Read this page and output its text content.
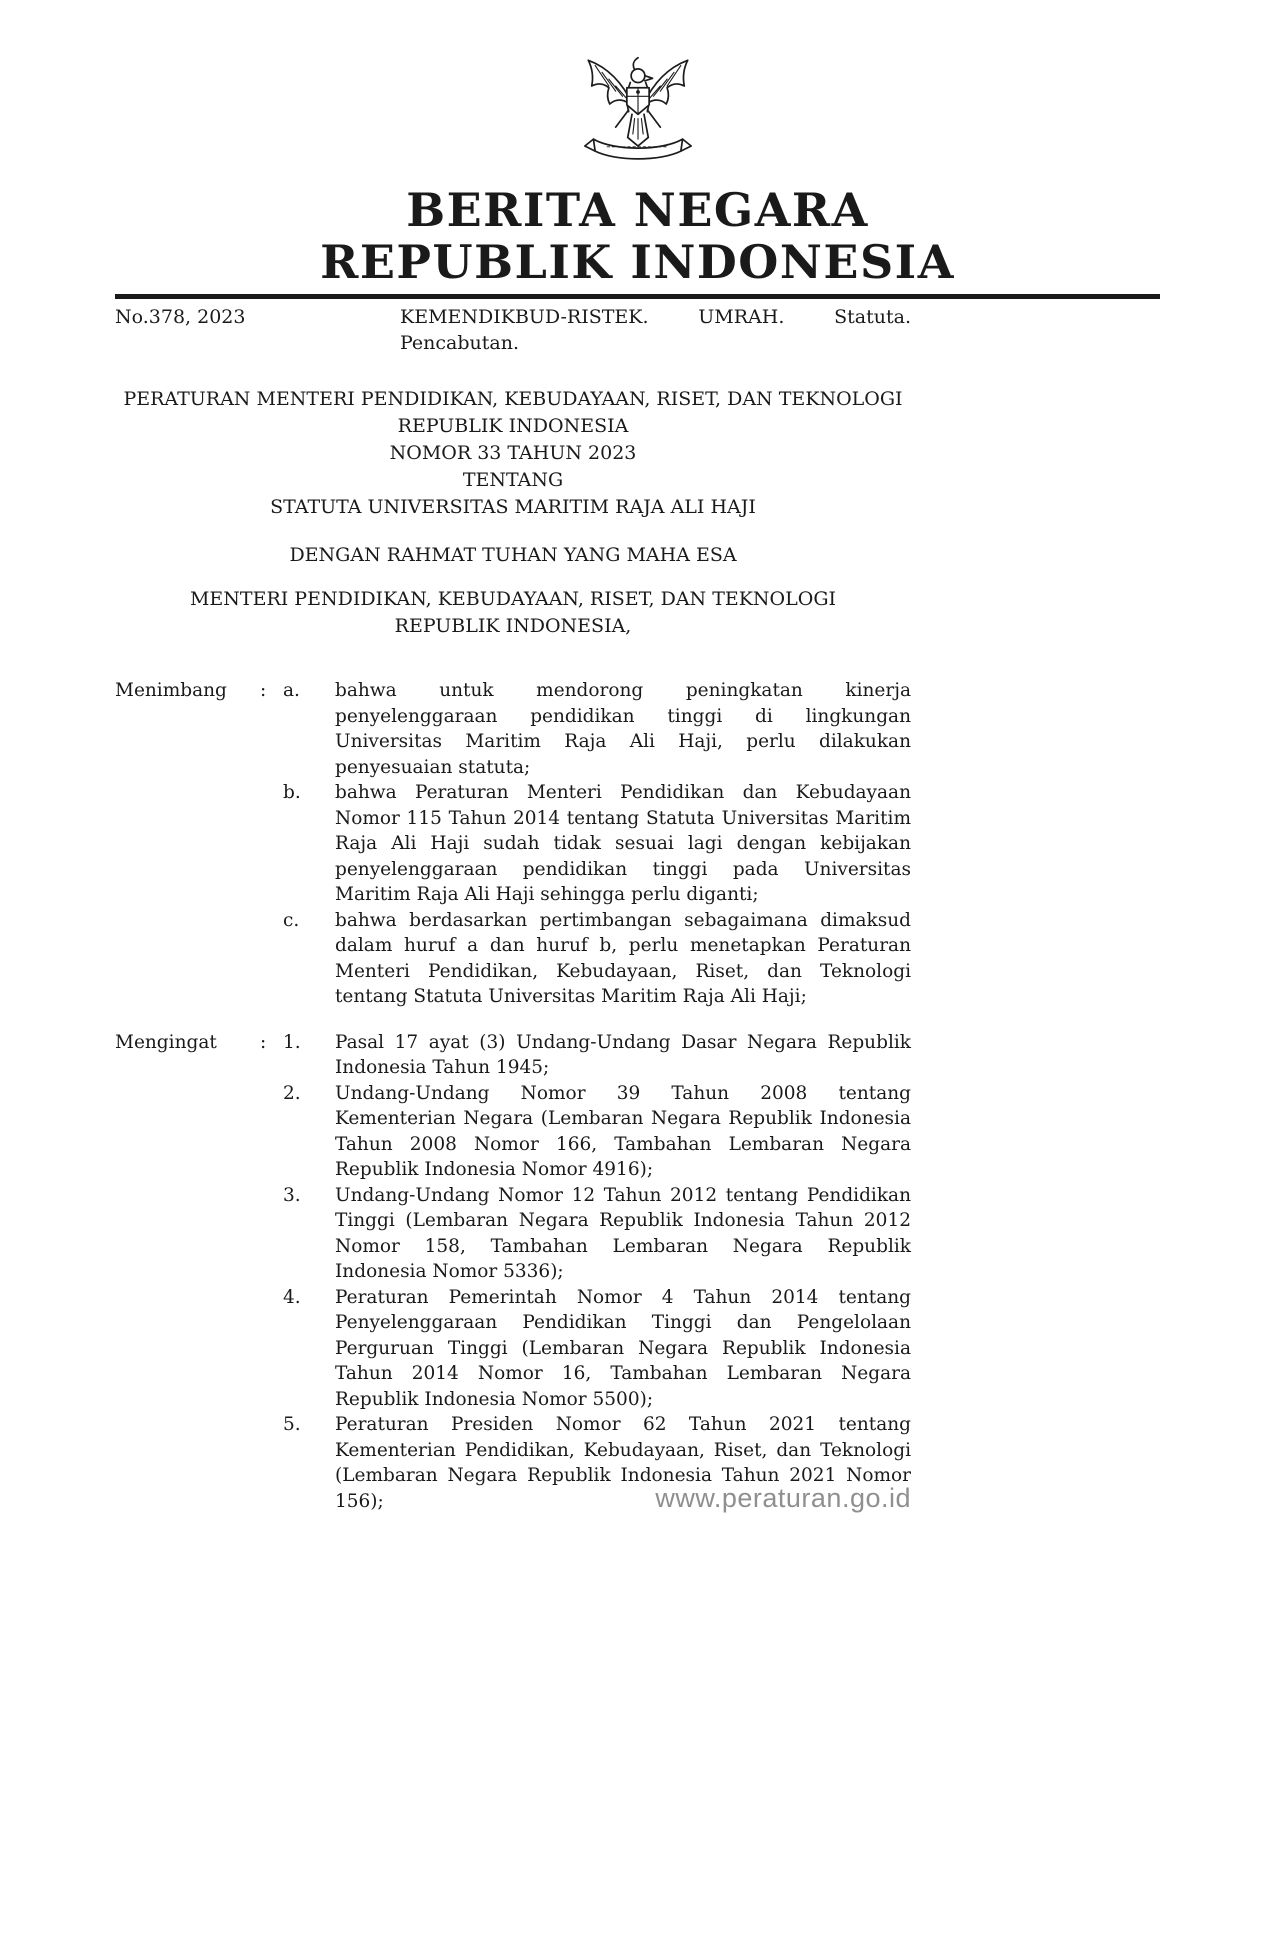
BERITA NEGARA
REPUBLIK INDONESIA
No.378, 2023	KEMENDIKBUD-RISTEK.	UMRAH.	Statuta.
Pencabutan.
PERATURAN MENTERI PENDIDIKAN, KEBUDAYAAN, RISET, DAN TEKNOLOGI
REPUBLIK INDONESIA
NOMOR 33 TAHUN 2023
TENTANG
STATUTA UNIVERSITAS MARITIM RAJA ALI HAJI
DENGAN RAHMAT TUHAN YANG MAHA ESA
MENTERI PENDIDIKAN, KEBUDAYAAN, RISET, DAN TEKNOLOGI
REPUBLIK INDONESIA,
Menimbang	: a.	bahwa untuk mendorong peningkatan kinerja penyelenggaraan pendidikan tinggi di lingkungan Universitas Maritim Raja Ali Haji, perlu dilakukan penyesuaian statuta;
b.	bahwa Peraturan Menteri Pendidikan dan Kebudayaan Nomor 115 Tahun 2014 tentang Statuta Universitas Maritim Raja Ali Haji sudah tidak sesuai lagi dengan kebijakan penyelenggaraan pendidikan tinggi pada Universitas Maritim Raja Ali Haji sehingga perlu diganti;
c.	bahwa berdasarkan pertimbangan sebagaimana dimaksud dalam huruf a dan huruf b, perlu menetapkan Peraturan Menteri Pendidikan, Kebudayaan, Riset, dan Teknologi tentang Statuta Universitas Maritim Raja Ali Haji;
Mengingat	: 1.	Pasal 17 ayat (3) Undang-Undang Dasar Negara Republik Indonesia Tahun 1945;
2.	Undang-Undang Nomor 39 Tahun 2008 tentang Kementerian Negara (Lembaran Negara Republik Indonesia Tahun 2008 Nomor 166, Tambahan Lembaran Negara Republik Indonesia Nomor 4916);
3.	Undang-Undang Nomor 12 Tahun 2012 tentang Pendidikan Tinggi (Lembaran Negara Republik Indonesia Tahun 2012 Nomor 158, Tambahan Lembaran Negara Republik Indonesia Nomor 5336);
4.	Peraturan Pemerintah Nomor 4 Tahun 2014 tentang Penyelenggaraan Pendidikan Tinggi dan Pengelolaan Perguruan Tinggi (Lembaran Negara Republik Indonesia Tahun 2014 Nomor 16, Tambahan Lembaran Negara Republik Indonesia Nomor 5500);
5.	Peraturan Presiden Nomor 62 Tahun 2021 tentang Kementerian Pendidikan, Kebudayaan, Riset, dan Teknologi (Lembaran Negara Republik Indonesia Tahun 2021 Nomor 156);	www.peraturan.go.id
